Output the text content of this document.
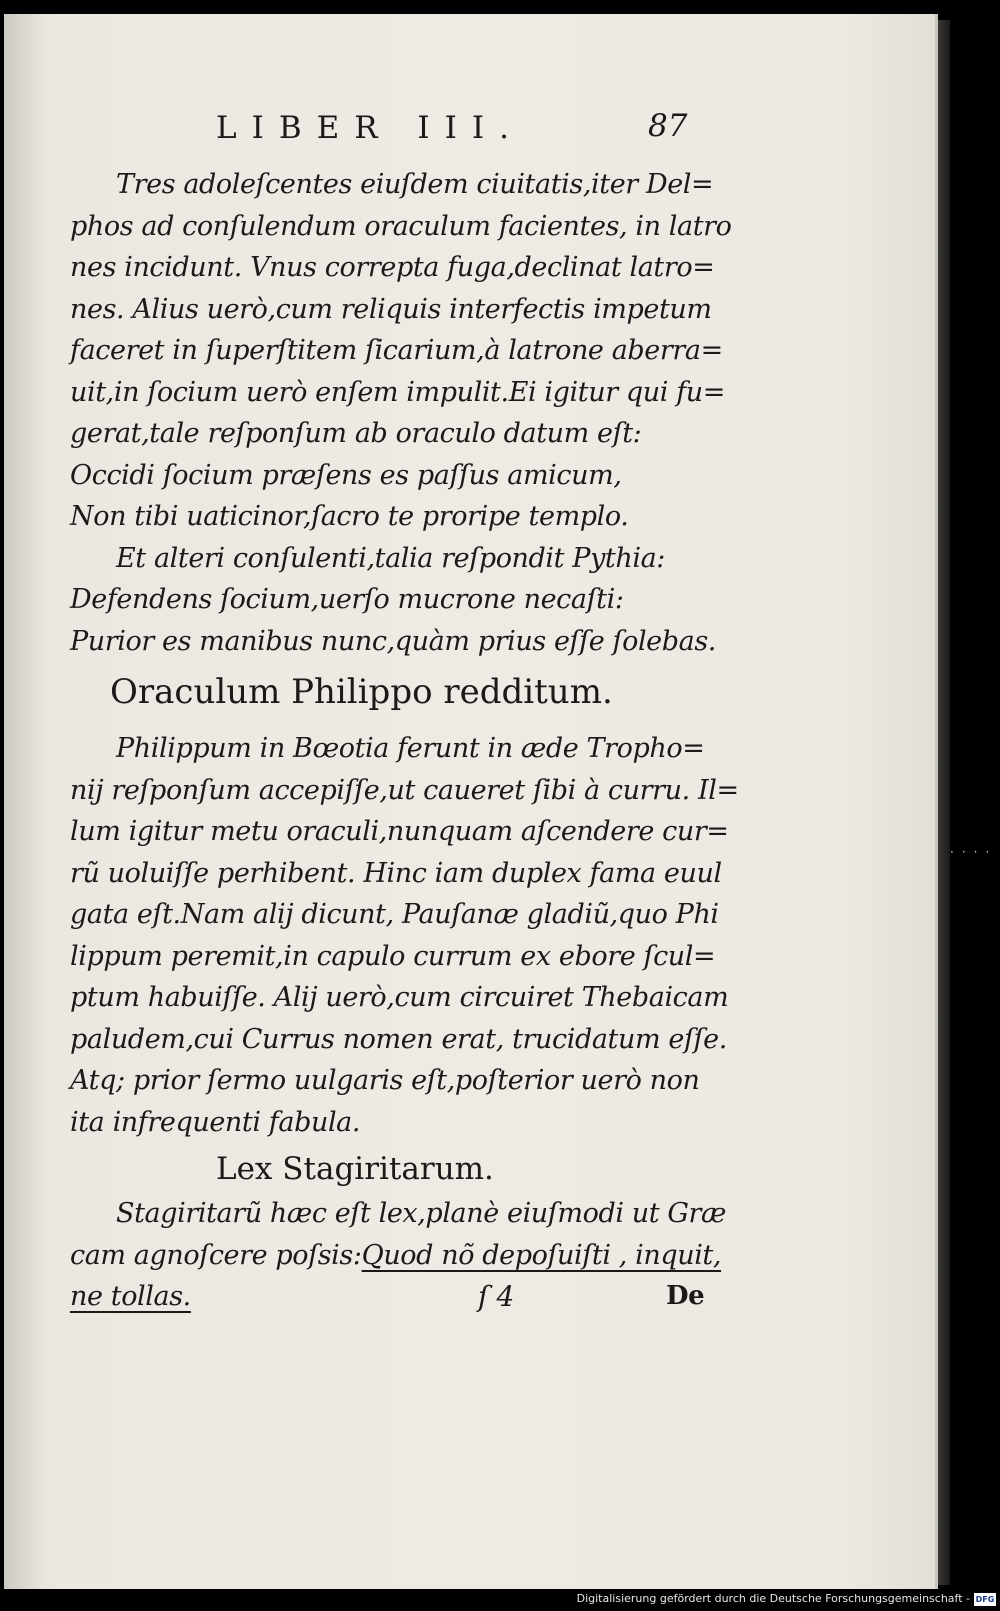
····
LIBER III.	87
Tres adoleſcentes eiuſdem ciuitatis,iter Del=
phos ad conſulendum oraculum facientes, in latro
nes incidunt. Vnus correpta fuga,declinat latro=
nes. Alius uerò,cum reliquis interfectis impetum
faceret in ſuperſtitem ſicarium,à latrone aberra=
uit,in ſocium uerò enſem impulit.Ei igitur qui fu=
gerat,tale reſponſum ab oraculo datum eſt:
Occidi ſocium præſens es paſſus amicum,
Non tibi uaticinor,ſacro te proripe templo.
Et alteri conſulenti,talia reſpondit Pythia:
Defendens ſocium,uerſo mucrone necaſti:
Purior es manibus nunc,quàm prius eſſe ſolebas.
Oraculum Philippo redditum.
Philippum in Bœotia ferunt in æde Tropho=
nij reſponſum accepiſſe,ut caueret ſibi à curru. Il=
lum igitur metu oraculi,nunquam aſcendere cur=
rũ uoluiſſe perhibent. Hinc iam duplex fama euul
gata eſt.Nam alij dicunt, Pauſanæ gladiũ,quo Phi
lippum peremit,in capulo currum ex ebore ſcul=
ptum habuiſſe. Alij uerò,cum circuiret Thebaicam
paludem,cui Currus nomen erat, trucidatum eſſe.
Atq; prior ſermo uulgaris eſt,poſterior uerò non
ita infrequenti fabula.
Lex Stagiritarum.
Stagiritarũ hæc eſt lex,planè eiuſmodi ut Græ
cam agnoſcere poſsis:Quod nõ depoſuiſti , inquit,
ne tollas.	ſ 4	De
Digitalisierung gefördert durch die Deutsche Forschungsgemeinschaft - DFG
